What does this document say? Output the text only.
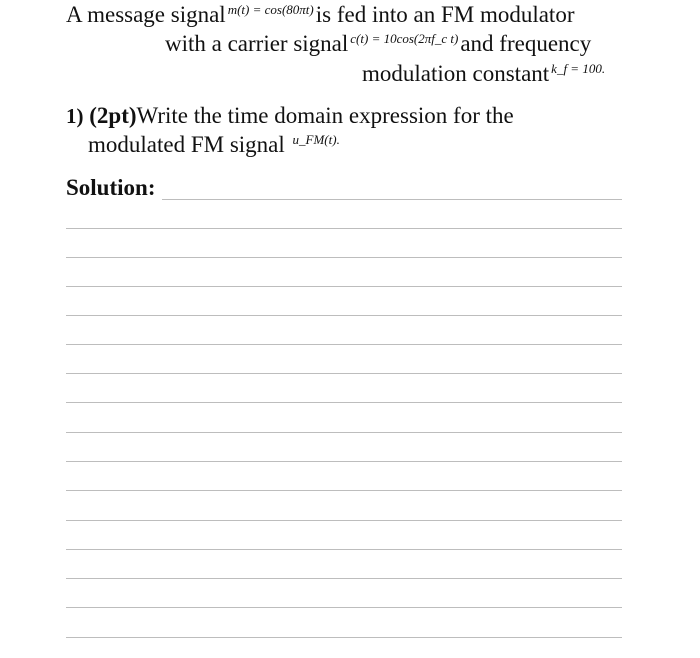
A message signal $^{m(t) = cos(80\pi t)}$is fed into an FM modulator
with a carrier signal $^{c(t) = 10cos(2\pi f\_c t)}$and frequency
modulation constant $^{k\_f = 100.}$
1) (2pt)Write the time domain expression for the
modulated FM signal $^{u\_FM(t).}$
Solution:
